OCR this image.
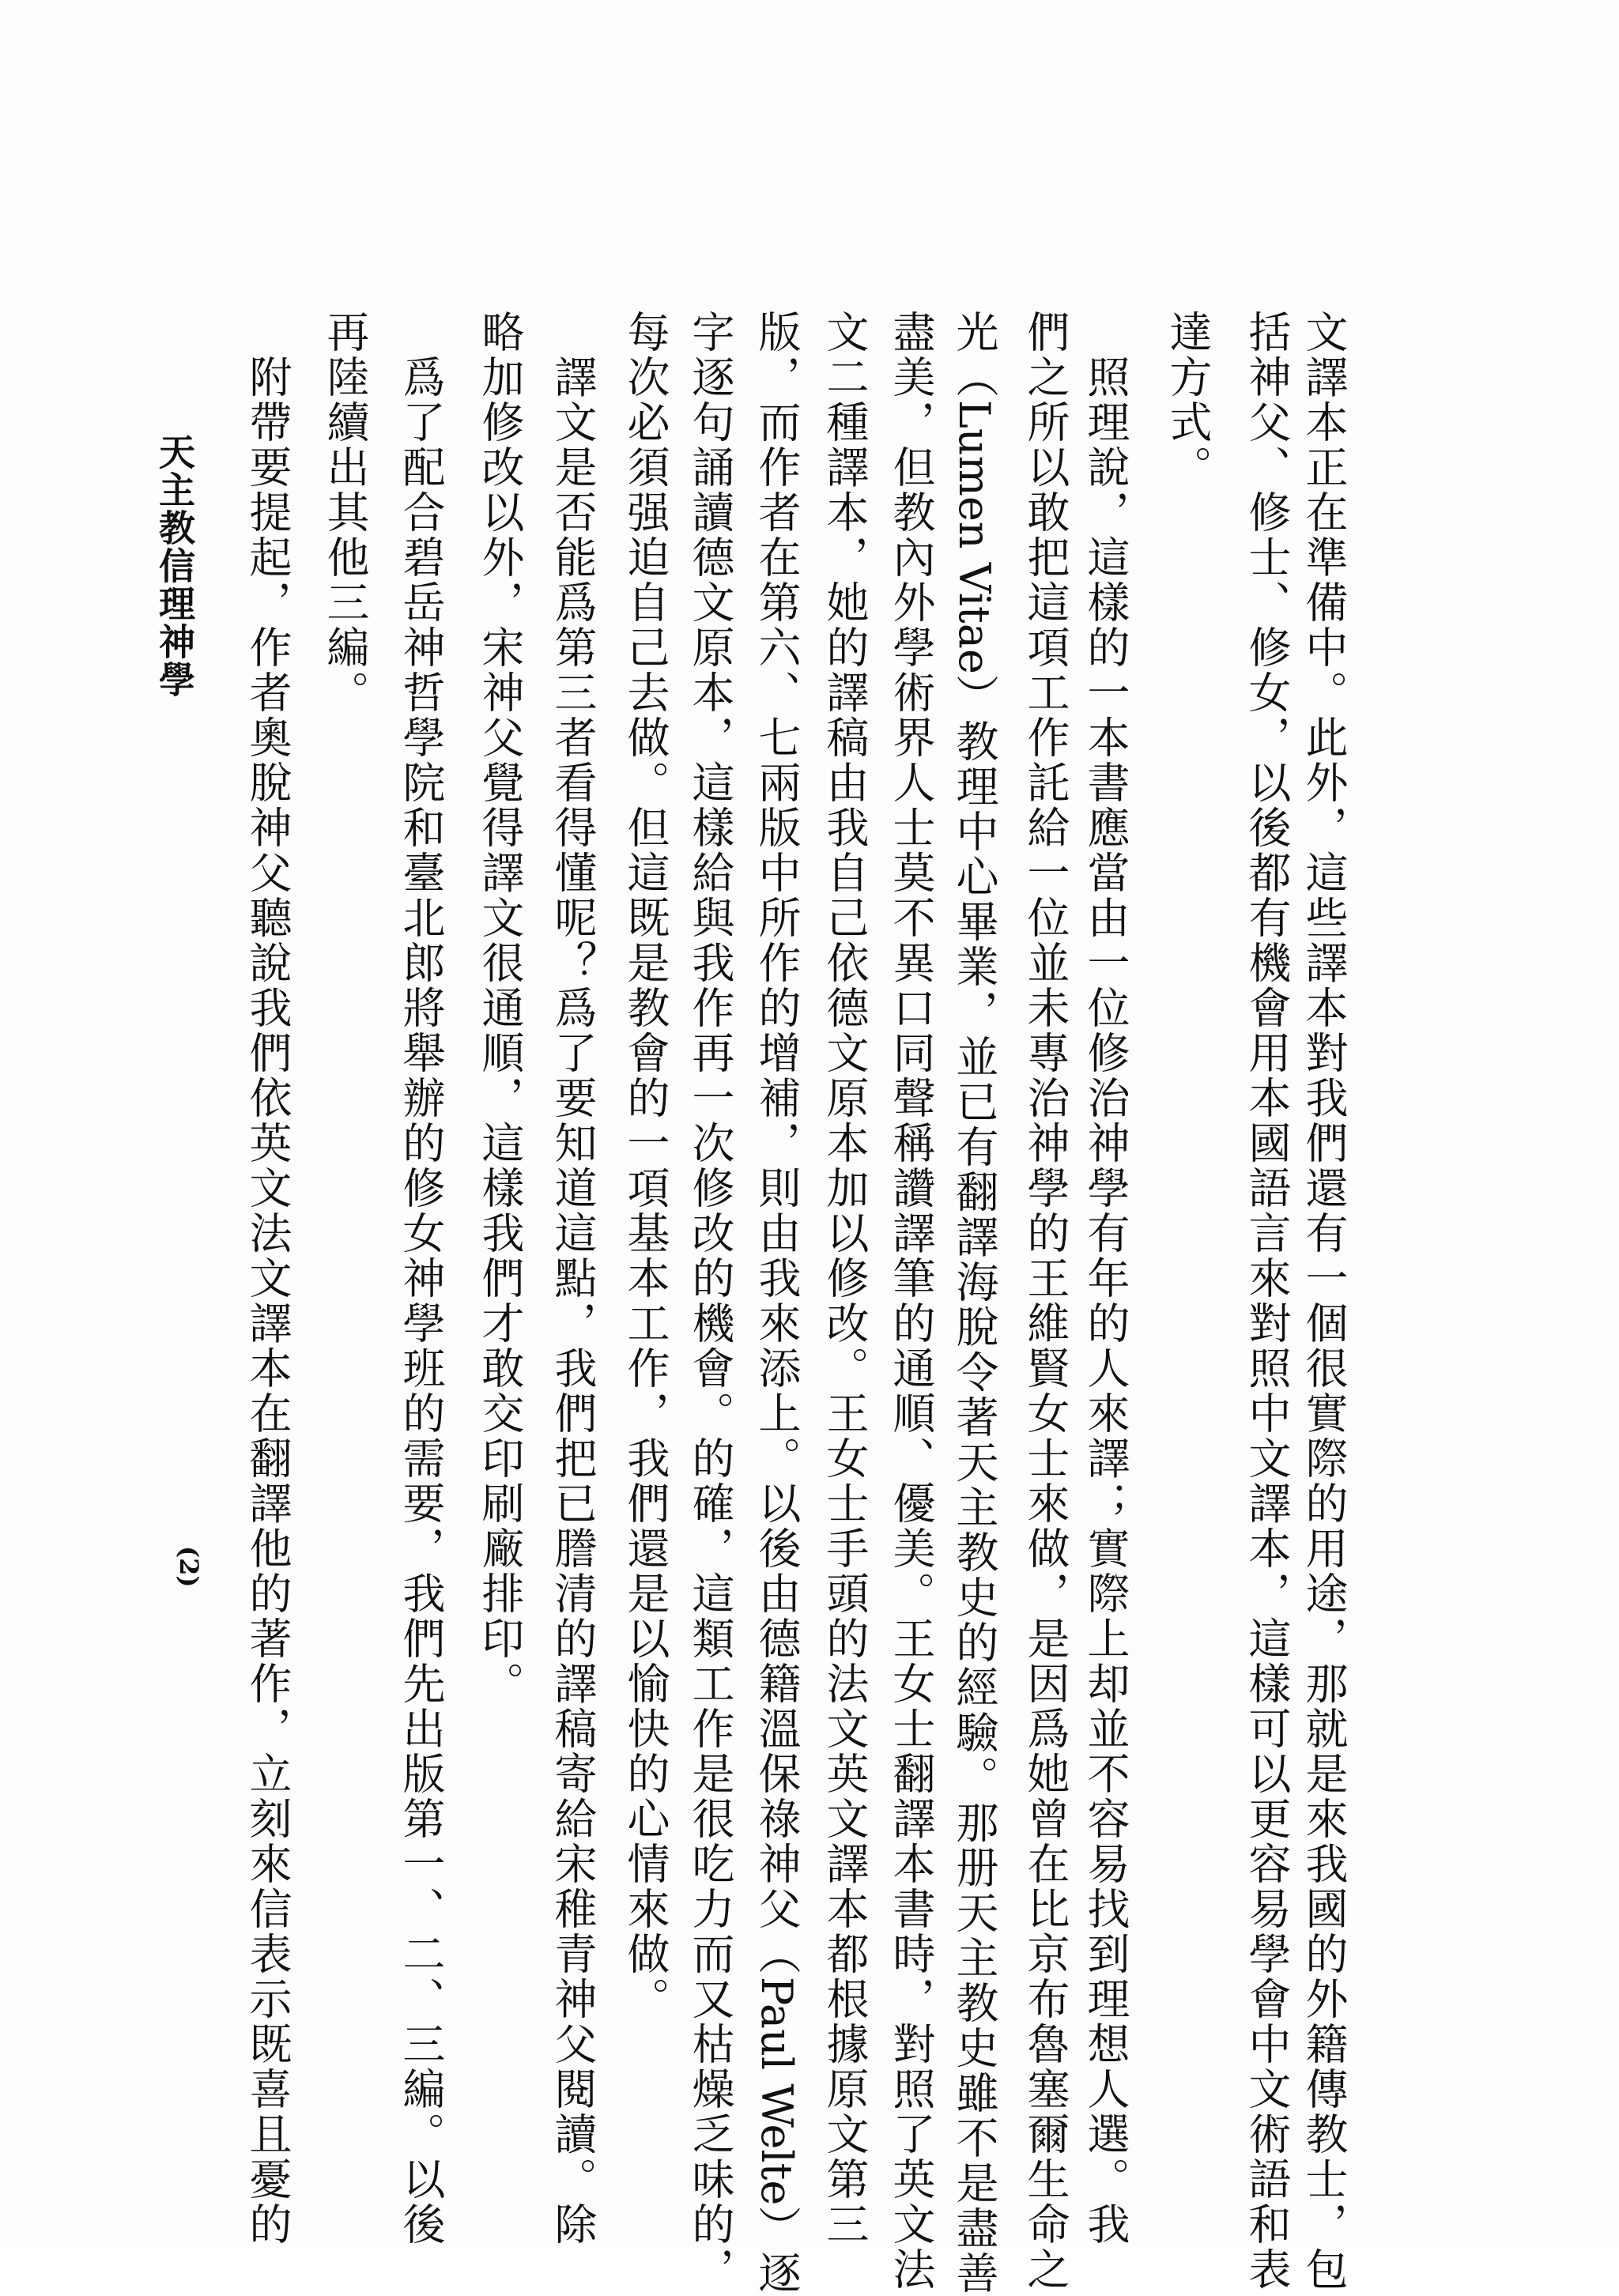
文譯本正在準備中。此外，這些譯本對我們還有一個很實際的用途，那就是來我國的外籍傳教士，包
括神父、修士、修女，以後都有機會用本國語言來對照中文譯本，這樣可以更容易學會中文術語和表
達方式。
　照理說，這樣的一本書應當由一位修治神學有年的人來譯；實際上却並不容易找到理想人選。我
們之所以敢把這項工作託給一位並未專治神學的王維賢女士來做，是因爲她曾在比京布魯塞爾生命之
光（Lumen Vitae）教理中心畢業，並已有翻譯海脫令著天主教史的經驗。那册天主教史雖不是盡善
盡美，但教內外學術界人士莫不異口同聲稱讚譯筆的通順、優美。王女士翻譯本書時，對照了英文法
文二種譯本，她的譯稿由我自己依德文原本加以修改。王女士手頭的法文英文譯本都根據原文第三
版，而作者在第六、七兩版中所作的增補，則由我來添上。以後由德籍溫保祿神父（Paul Welte）逐
字逐句誦讀德文原本，這樣給與我作再一次修改的機會。的確，這類工作是很吃力而又枯燥乏味的，
每次必須强迫自己去做。但這既是教會的一項基本工作，我們還是以愉快的心情來做。
　譯文是否能爲第三者看得懂呢？爲了要知道這點，我們把已謄清的譯稿寄給宋稚青神父閱讀。除
略加修改以外，宋神父覺得譯文很通順，這樣我們才敢交印刷廠排印。
　爲了配合碧岳神哲學院和臺北郎將舉辦的修女神學班的需要，我們先出版第一、二、三編。以後
再陸續出其他三編。
　附帶要提起，作者奧脫神父聽說我們依英文法文譯本在翻譯他的著作，立刻來信表示既喜且憂的
天主教信理神學
(2)
